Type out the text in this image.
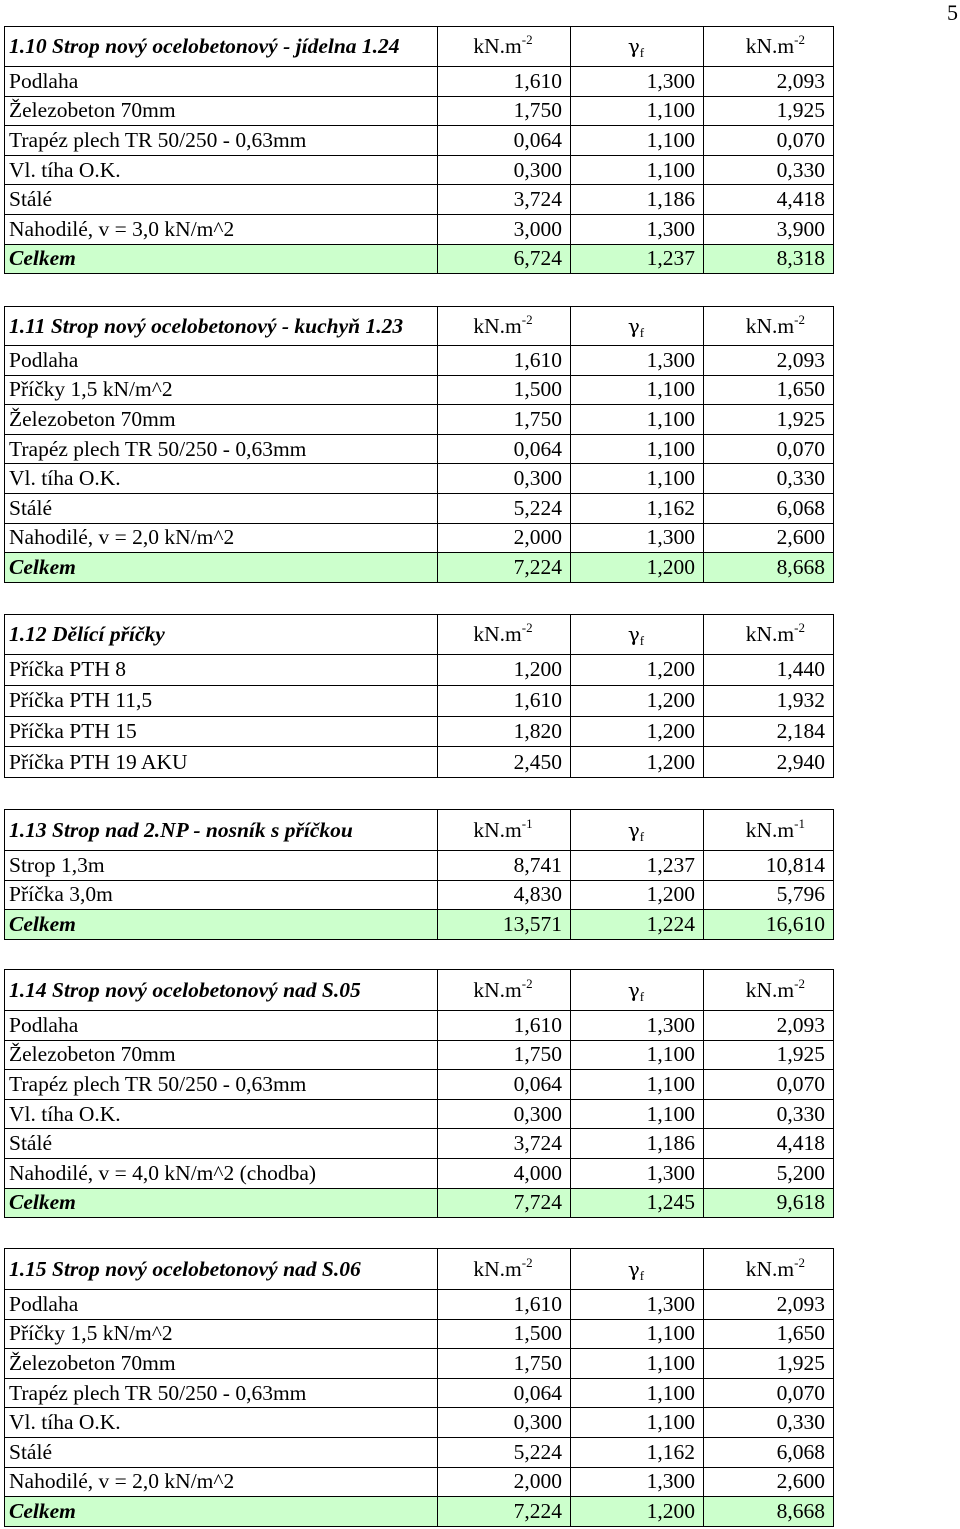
5
1.10 Strop nový ocelobetonový - jídelna 1.24	$kN.m^{-2}$	$\gamma_f$	$kN.m^{-2}$
Podlaha	1,610	1,300	2,093
Železobeton 70mm	1,750	1,100	1,925
Trapéz plech TR 50/250 - 0,63mm	0,064	1,100	0,070
Vl. tíha O.K.	0,300	1,100	0,330
Stálé	3,724	1,186	4,418
Nahodilé, v = 3,0 kN/m^2	3,000	1,300	3,900
Celkem	6,724	1,237	8,318
1.11 Strop nový ocelobetonový - kuchyň 1.23	$kN.m^{-2}$	$\gamma_f$	$kN.m^{-2}$
Podlaha	1,610	1,300	2,093
Příčky 1,5 kN/m^2	1,500	1,100	1,650
Železobeton 70mm	1,750	1,100	1,925
Trapéz plech TR 50/250 - 0,63mm	0,064	1,100	0,070
Vl. tíha O.K.	0,300	1,100	0,330
Stálé	5,224	1,162	6,068
Nahodilé, v = 2,0 kN/m^2	2,000	1,300	2,600
Celkem	7,224	1,200	8,668
1.12 Dělící příčky	$kN.m^{-2}$	$\gamma_f$	$kN.m^{-2}$
Příčka PTH 8	1,200	1,200	1,440
Příčka PTH 11,5	1,610	1,200	1,932
Příčka PTH 15	1,820	1,200	2,184
Příčka PTH 19 AKU	2,450	1,200	2,940
1.13 Strop nad 2.NP - nosník s příčkou	$kN.m^{-1}$	$\gamma_f$	$kN.m^{-1}$
Strop 1,3m	8,741	1,237	10,814
Příčka 3,0m	4,830	1,200	5,796
Celkem	13,571	1,224	16,610
1.14 Strop nový ocelobetonový nad S.05	$kN.m^{-2}$	$\gamma_f$	$kN.m^{-2}$
Podlaha	1,610	1,300	2,093
Železobeton 70mm	1,750	1,100	1,925
Trapéz plech TR 50/250 - 0,63mm	0,064	1,100	0,070
Vl. tíha O.K.	0,300	1,100	0,330
Stálé	3,724	1,186	4,418
Nahodilé, v = 4,0 kN/m^2 (chodba)	4,000	1,300	5,200
Celkem	7,724	1,245	9,618
1.15 Strop nový ocelobetonový nad S.06	$kN.m^{-2}$	$\gamma_f$	$kN.m^{-2}$
Podlaha	1,610	1,300	2,093
Příčky 1,5 kN/m^2	1,500	1,100	1,650
Železobeton 70mm	1,750	1,100	1,925
Trapéz plech TR 50/250 - 0,63mm	0,064	1,100	0,070
Vl. tíha O.K.	0,300	1,100	0,330
Stálé	5,224	1,162	6,068
Nahodilé, v = 2,0 kN/m^2	2,000	1,300	2,600
Celkem	7,224	1,200	8,668
